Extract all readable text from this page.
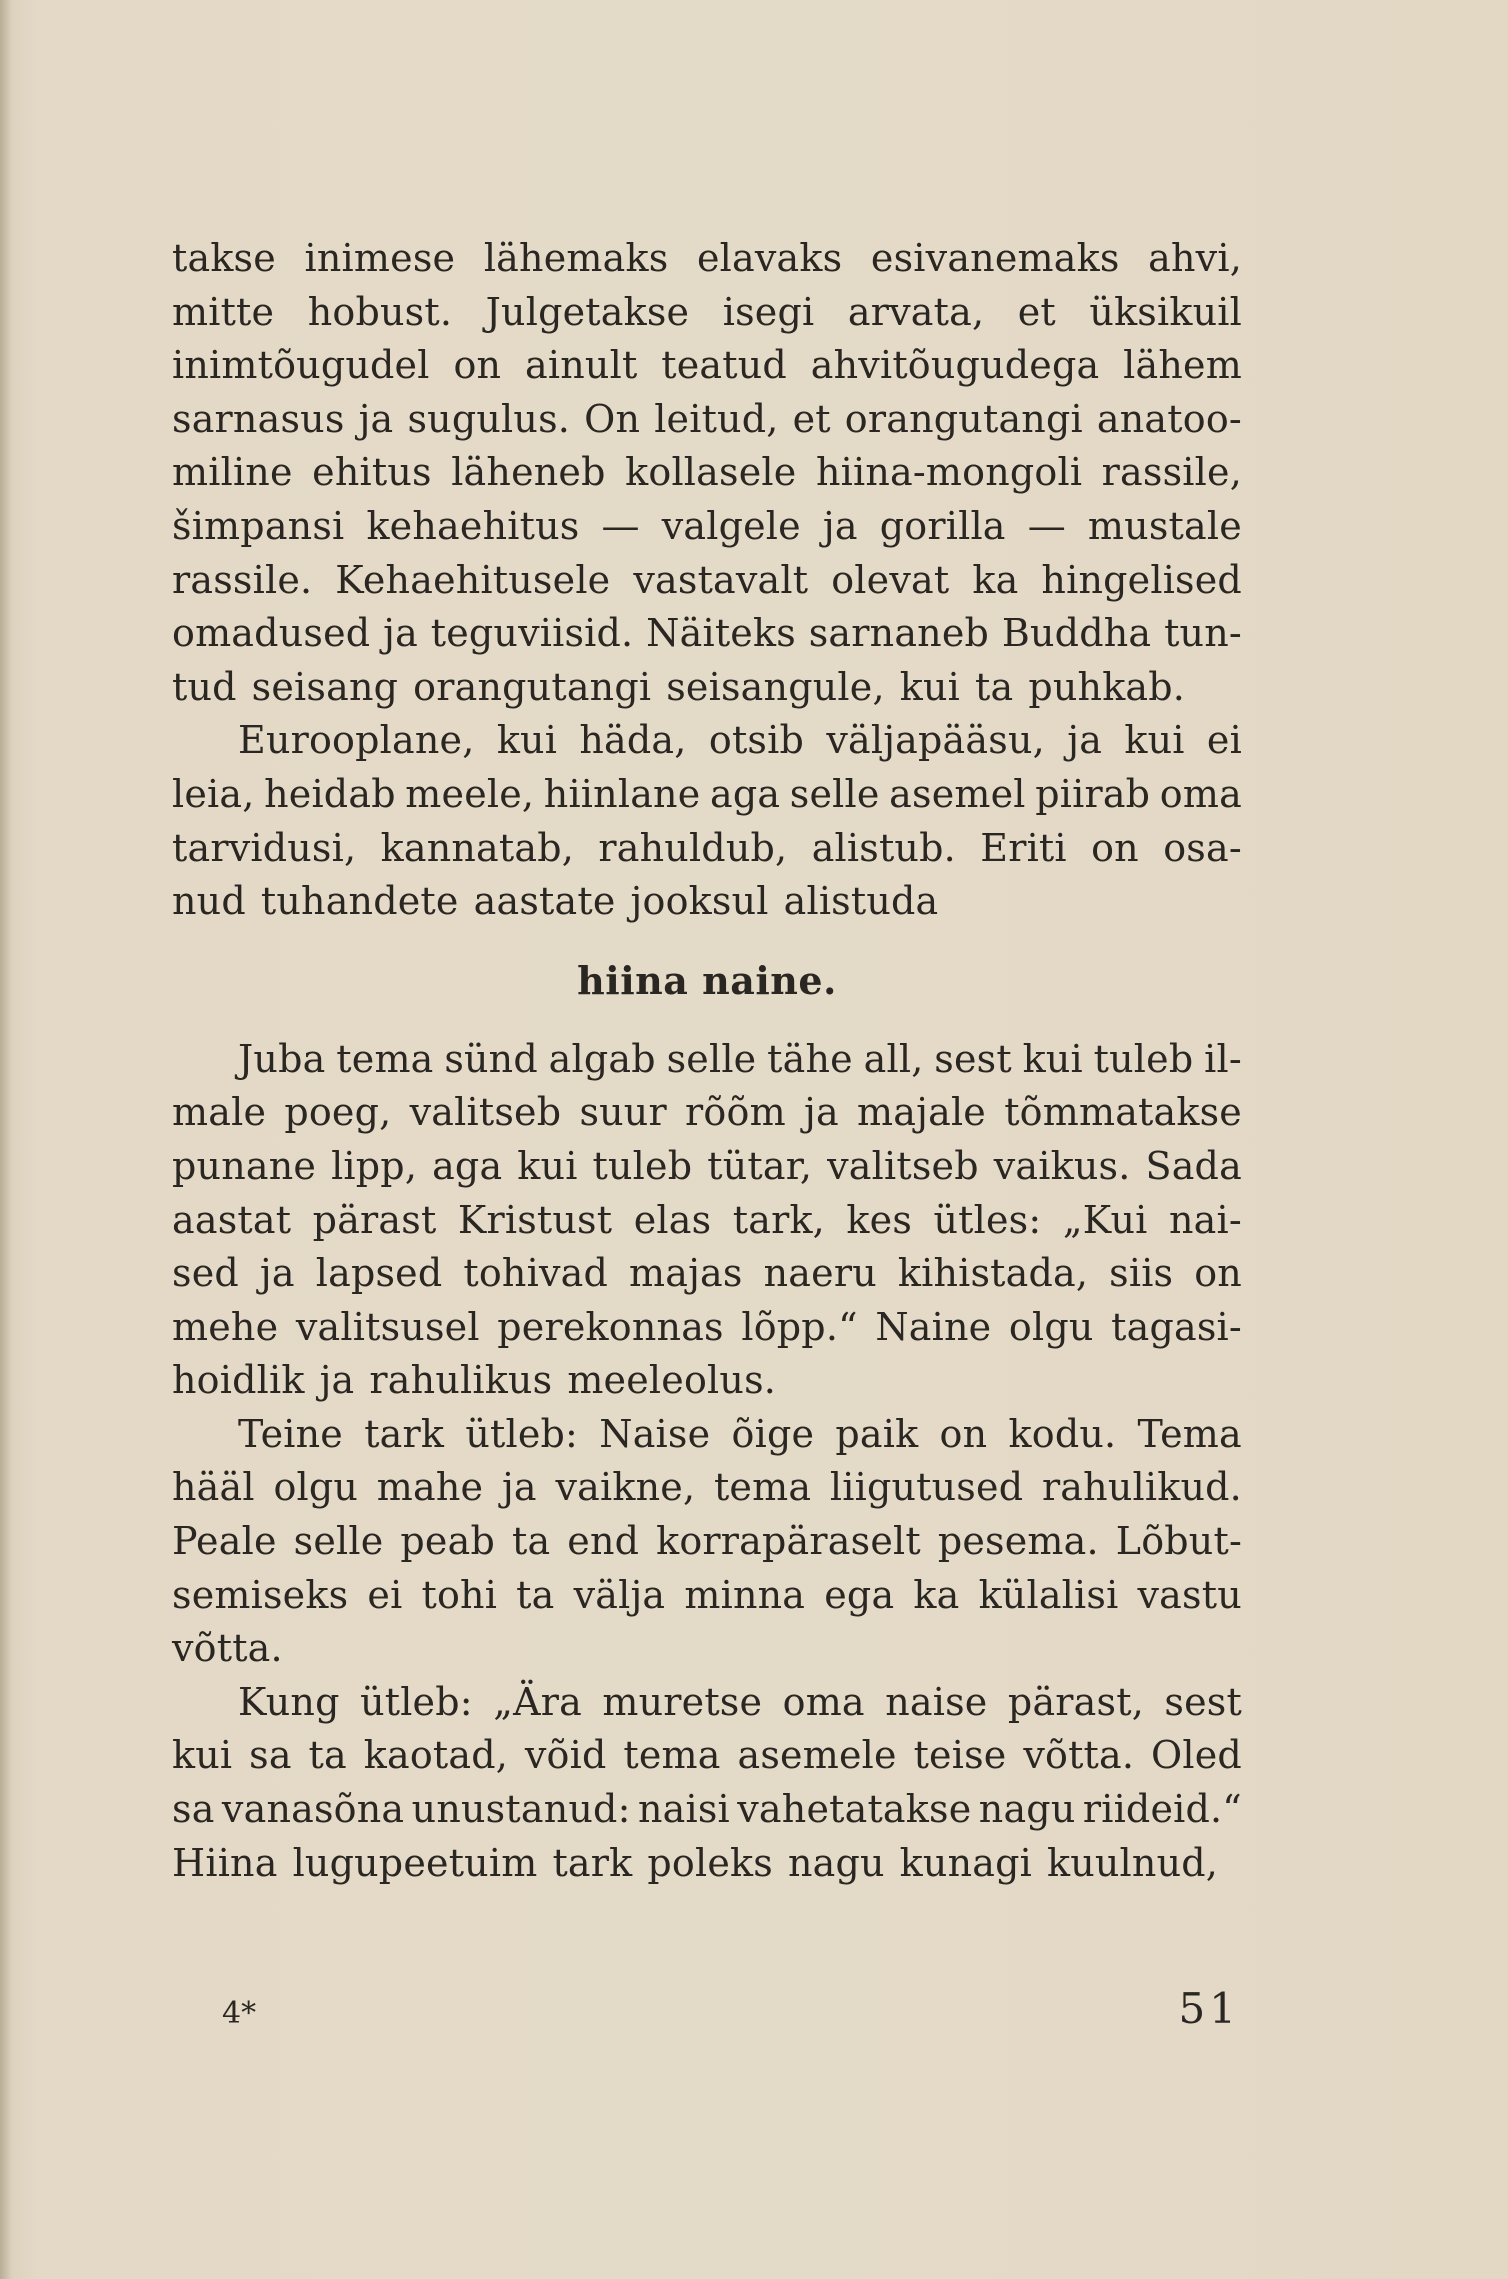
takse inimese lähemaks elavaks esivanemaks ahvi,
mitte hobust. Julgetakse isegi arvata, et üksikuil
inimtõugudel on ainult teatud ahvitõugudega lähem
sarnasus ja sugulus. On leitud, et orangutangi anatoo-
miline ehitus läheneb kollasele hiina-mongoli rassile,
šimpansi kehaehitus — valgele ja gorilla — mustale
rassile. Kehaehitusele vastavalt olevat ka hingelised
omadused ja teguviisid. Näiteks sarnaneb Buddha tun-
tud seisang orangutangi seisangule, kui ta puhkab.
Eurooplane, kui häda, otsib väljapääsu, ja kui ei
leia, heidab meele, hiinlane aga selle asemel piirab oma
tarvidusi, kannatab, rahuldub, alistub. Eriti on osa-
nud tuhandete aastate jooksul alistuda
hiina naine.
Juba tema sünd algab selle tähe all, sest kui tuleb il-
male poeg, valitseb suur rõõm ja majale tõmmatakse
punane lipp, aga kui tuleb tütar, valitseb vaikus. Sada
aastat pärast Kristust elas tark, kes ütles: „Kui nai-
sed ja lapsed tohivad majas naeru kihistada, siis on
mehe valitsusel perekonnas lõpp.“ Naine olgu tagasi-
hoidlik ja rahulikus meeleolus.
Teine tark ütleb: Naise õige paik on kodu. Tema
hääl olgu mahe ja vaikne, tema liigutused rahulikud.
Peale selle peab ta end korrapäraselt pesema. Lõbut-
semiseks ei tohi ta välja minna ega ka külalisi vastu
võtta.
Kung ütleb: „Ära muretse oma naise pärast, sest
kui sa ta kaotad, võid tema asemele teise võtta. Oled
sa vanasõna unustanud: naisi vahetatakse nagu riideid.“
Hiina lugupeetuim tark poleks nagu kunagi kuulnud,
4*	51
